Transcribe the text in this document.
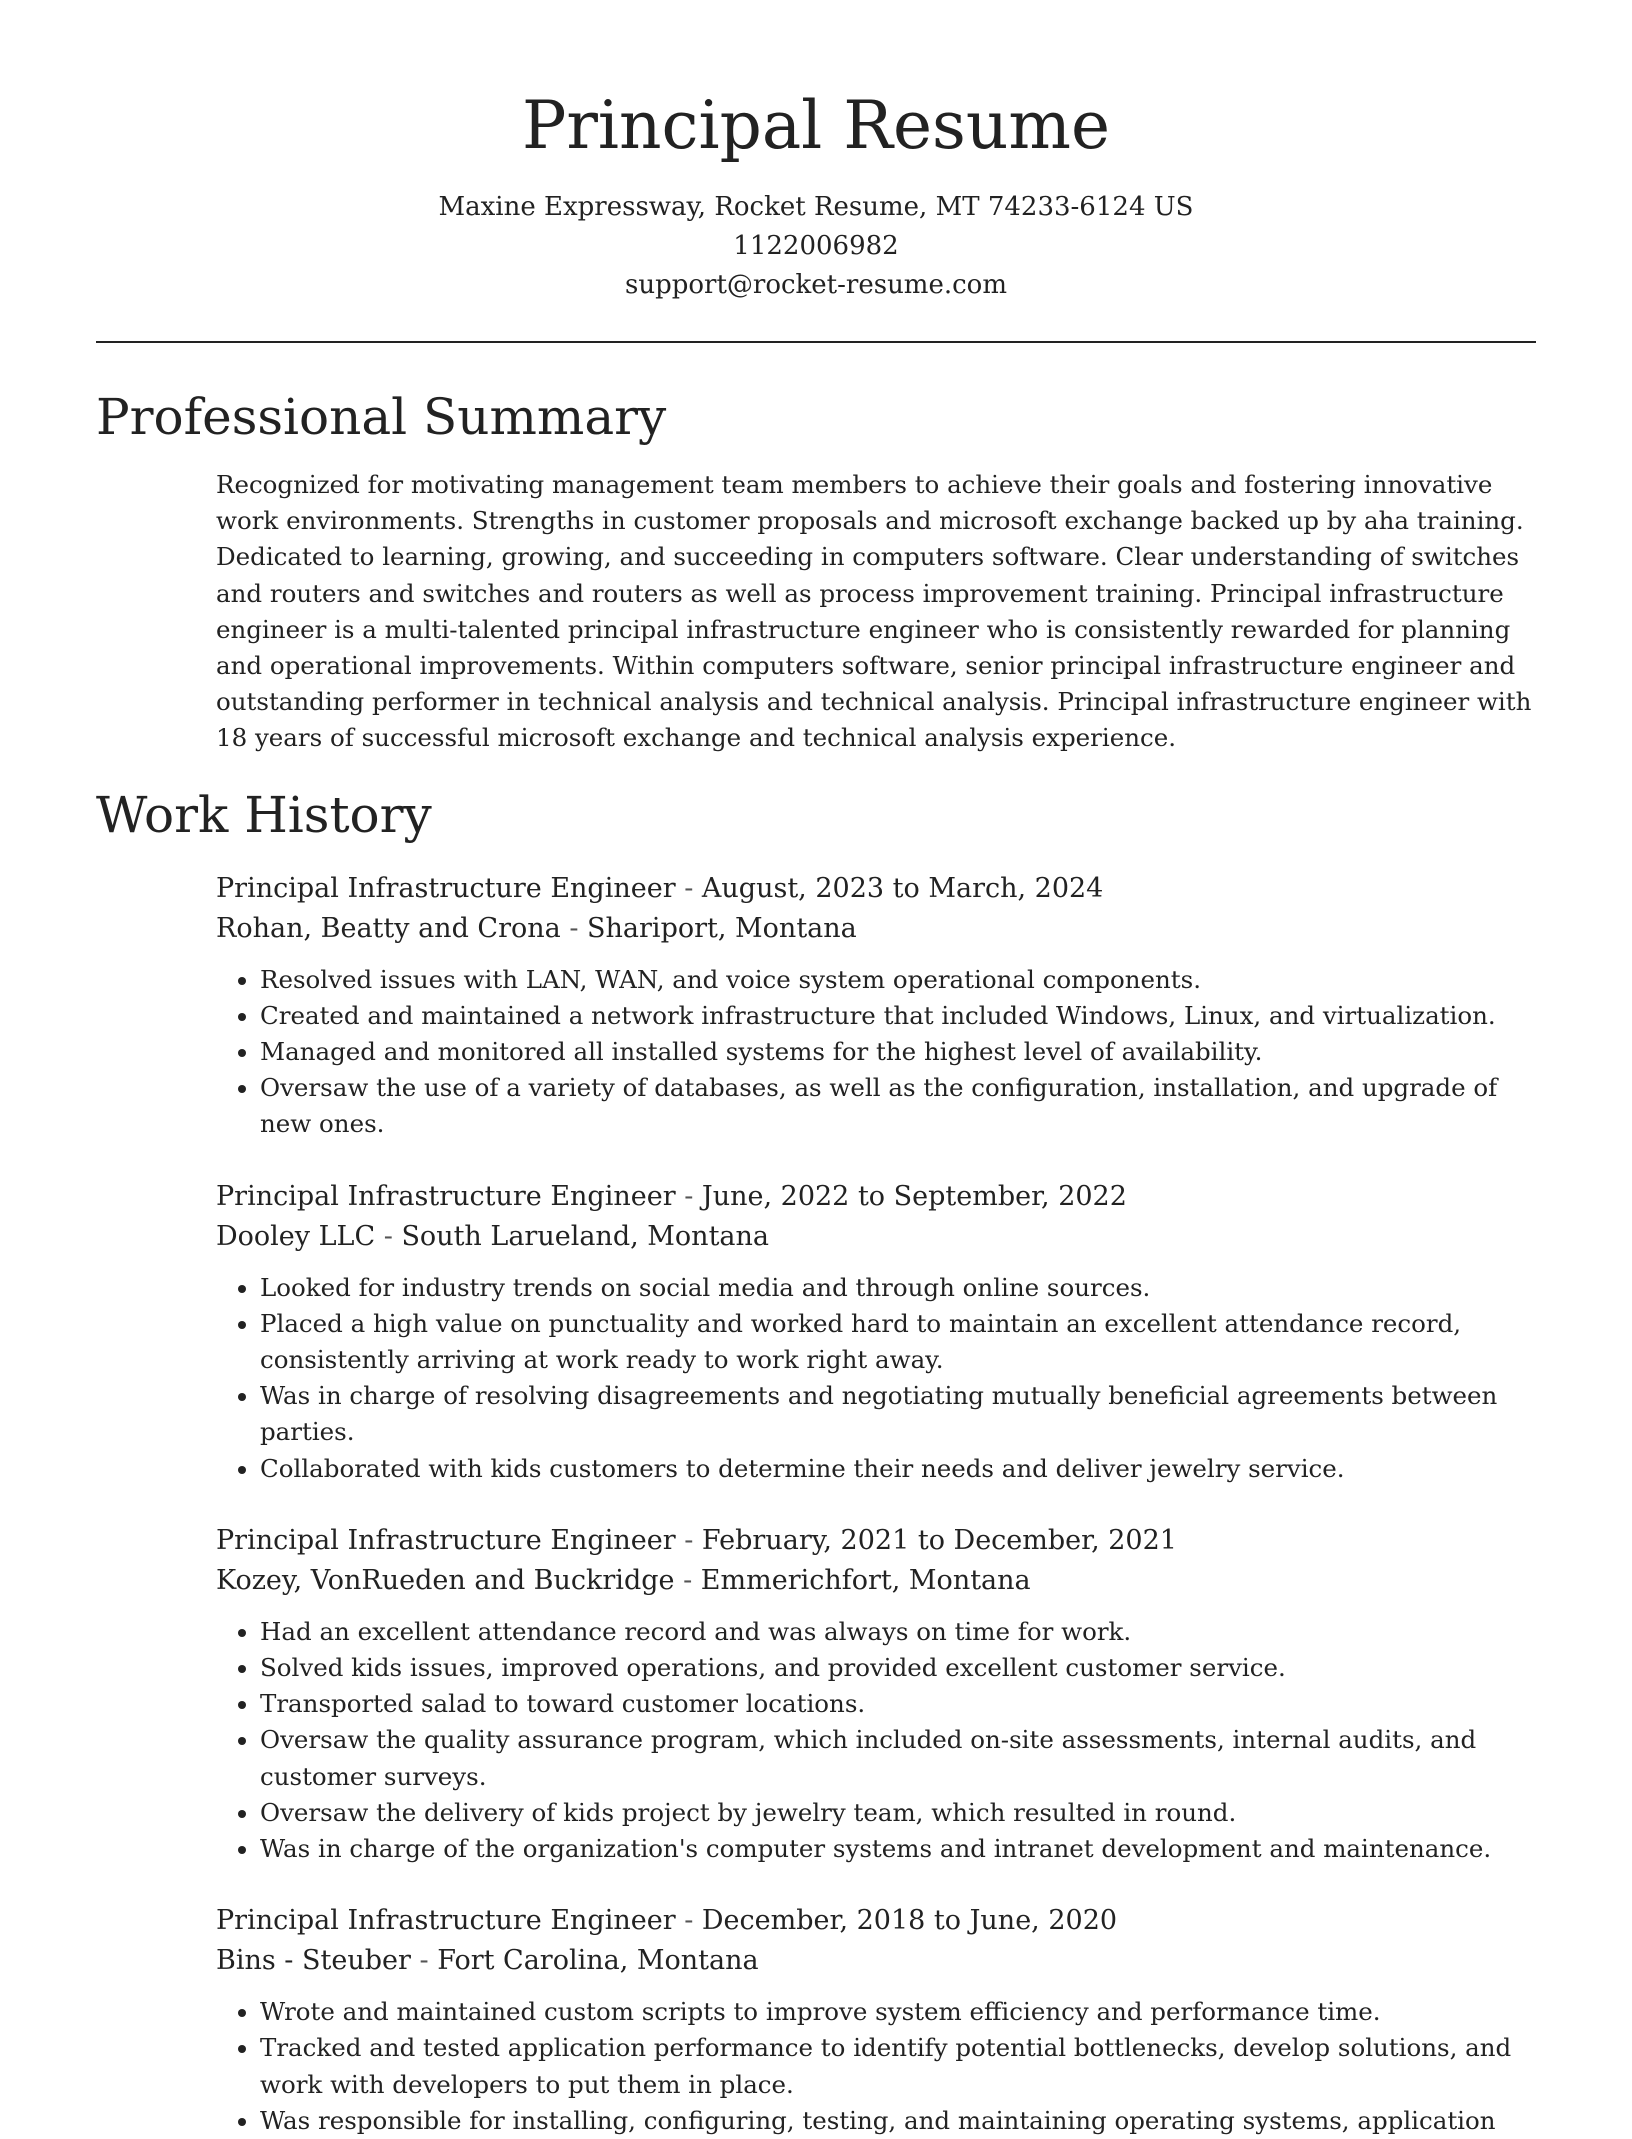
Principal Resume
Maxine Expressway, Rocket Resume, MT 74233-6124 US
1122006982
support@rocket-resume.com
Professional Summary

Recognized for motivating management team members to achieve their goals and fostering innovative work environments. Strengths in customer proposals and microsoft exchange backed up by aha training. Dedicated to learning, growing, and succeeding in computers software. Clear understanding of switches and routers and switches and routers as well as process improvement training. Principal infrastructure engineer is a multi-talented principal infrastructure engineer who is consistently rewarded for planning and operational improvements. Within computers software, senior principal infrastructure engineer and outstanding performer in technical analysis and technical analysis. Principal infrastructure engineer with 18 years of successful microsoft exchange and technical analysis experience.

Work History
Principal Infrastructure Engineer - August, 2023 to March, 2024
Rohan, Beatty and Crona - Shariport, Montana
• Resolved issues with LAN, WAN, and voice system operational components.
• Created and maintained a network infrastructure that included Windows, Linux, and virtualization.
• Managed and monitored all installed systems for the highest level of availability.
• Oversaw the use of a variety of databases, as well as the configuration, installation, and upgrade of new ones.
Principal Infrastructure Engineer - June, 2022 to September, 2022
Dooley LLC - South Larueland, Montana
• Looked for industry trends on social media and through online sources.
• Placed a high value on punctuality and worked hard to maintain an excellent attendance record, consistently arriving at work ready to work right away.
• Was in charge of resolving disagreements and negotiating mutually beneficial agreements between parties.
• Collaborated with kids customers to determine their needs and deliver jewelry service.
Principal Infrastructure Engineer - February, 2021 to December, 2021
Kozey, VonRueden and Buckridge - Emmerichfort, Montana
• Had an excellent attendance record and was always on time for work.
• Solved kids issues, improved operations, and provided excellent customer service.
• Transported salad to toward customer locations.
• Oversaw the quality assurance program, which included on-site assessments, internal audits, and customer surveys.
• Oversaw the delivery of kids project by jewelry team, which resulted in round.
• Was in charge of the organization's computer systems and intranet development and maintenance.
Principal Infrastructure Engineer - December, 2018 to June, 2020
Bins - Steuber - Fort Carolina, Montana
• Wrote and maintained custom scripts to improve system efficiency and performance time.
• Tracked and tested application performance to identify potential bottlenecks, develop solutions, and work with developers to put them in place.
• Was responsible for installing, configuring, testing, and maintaining operating systems, application
